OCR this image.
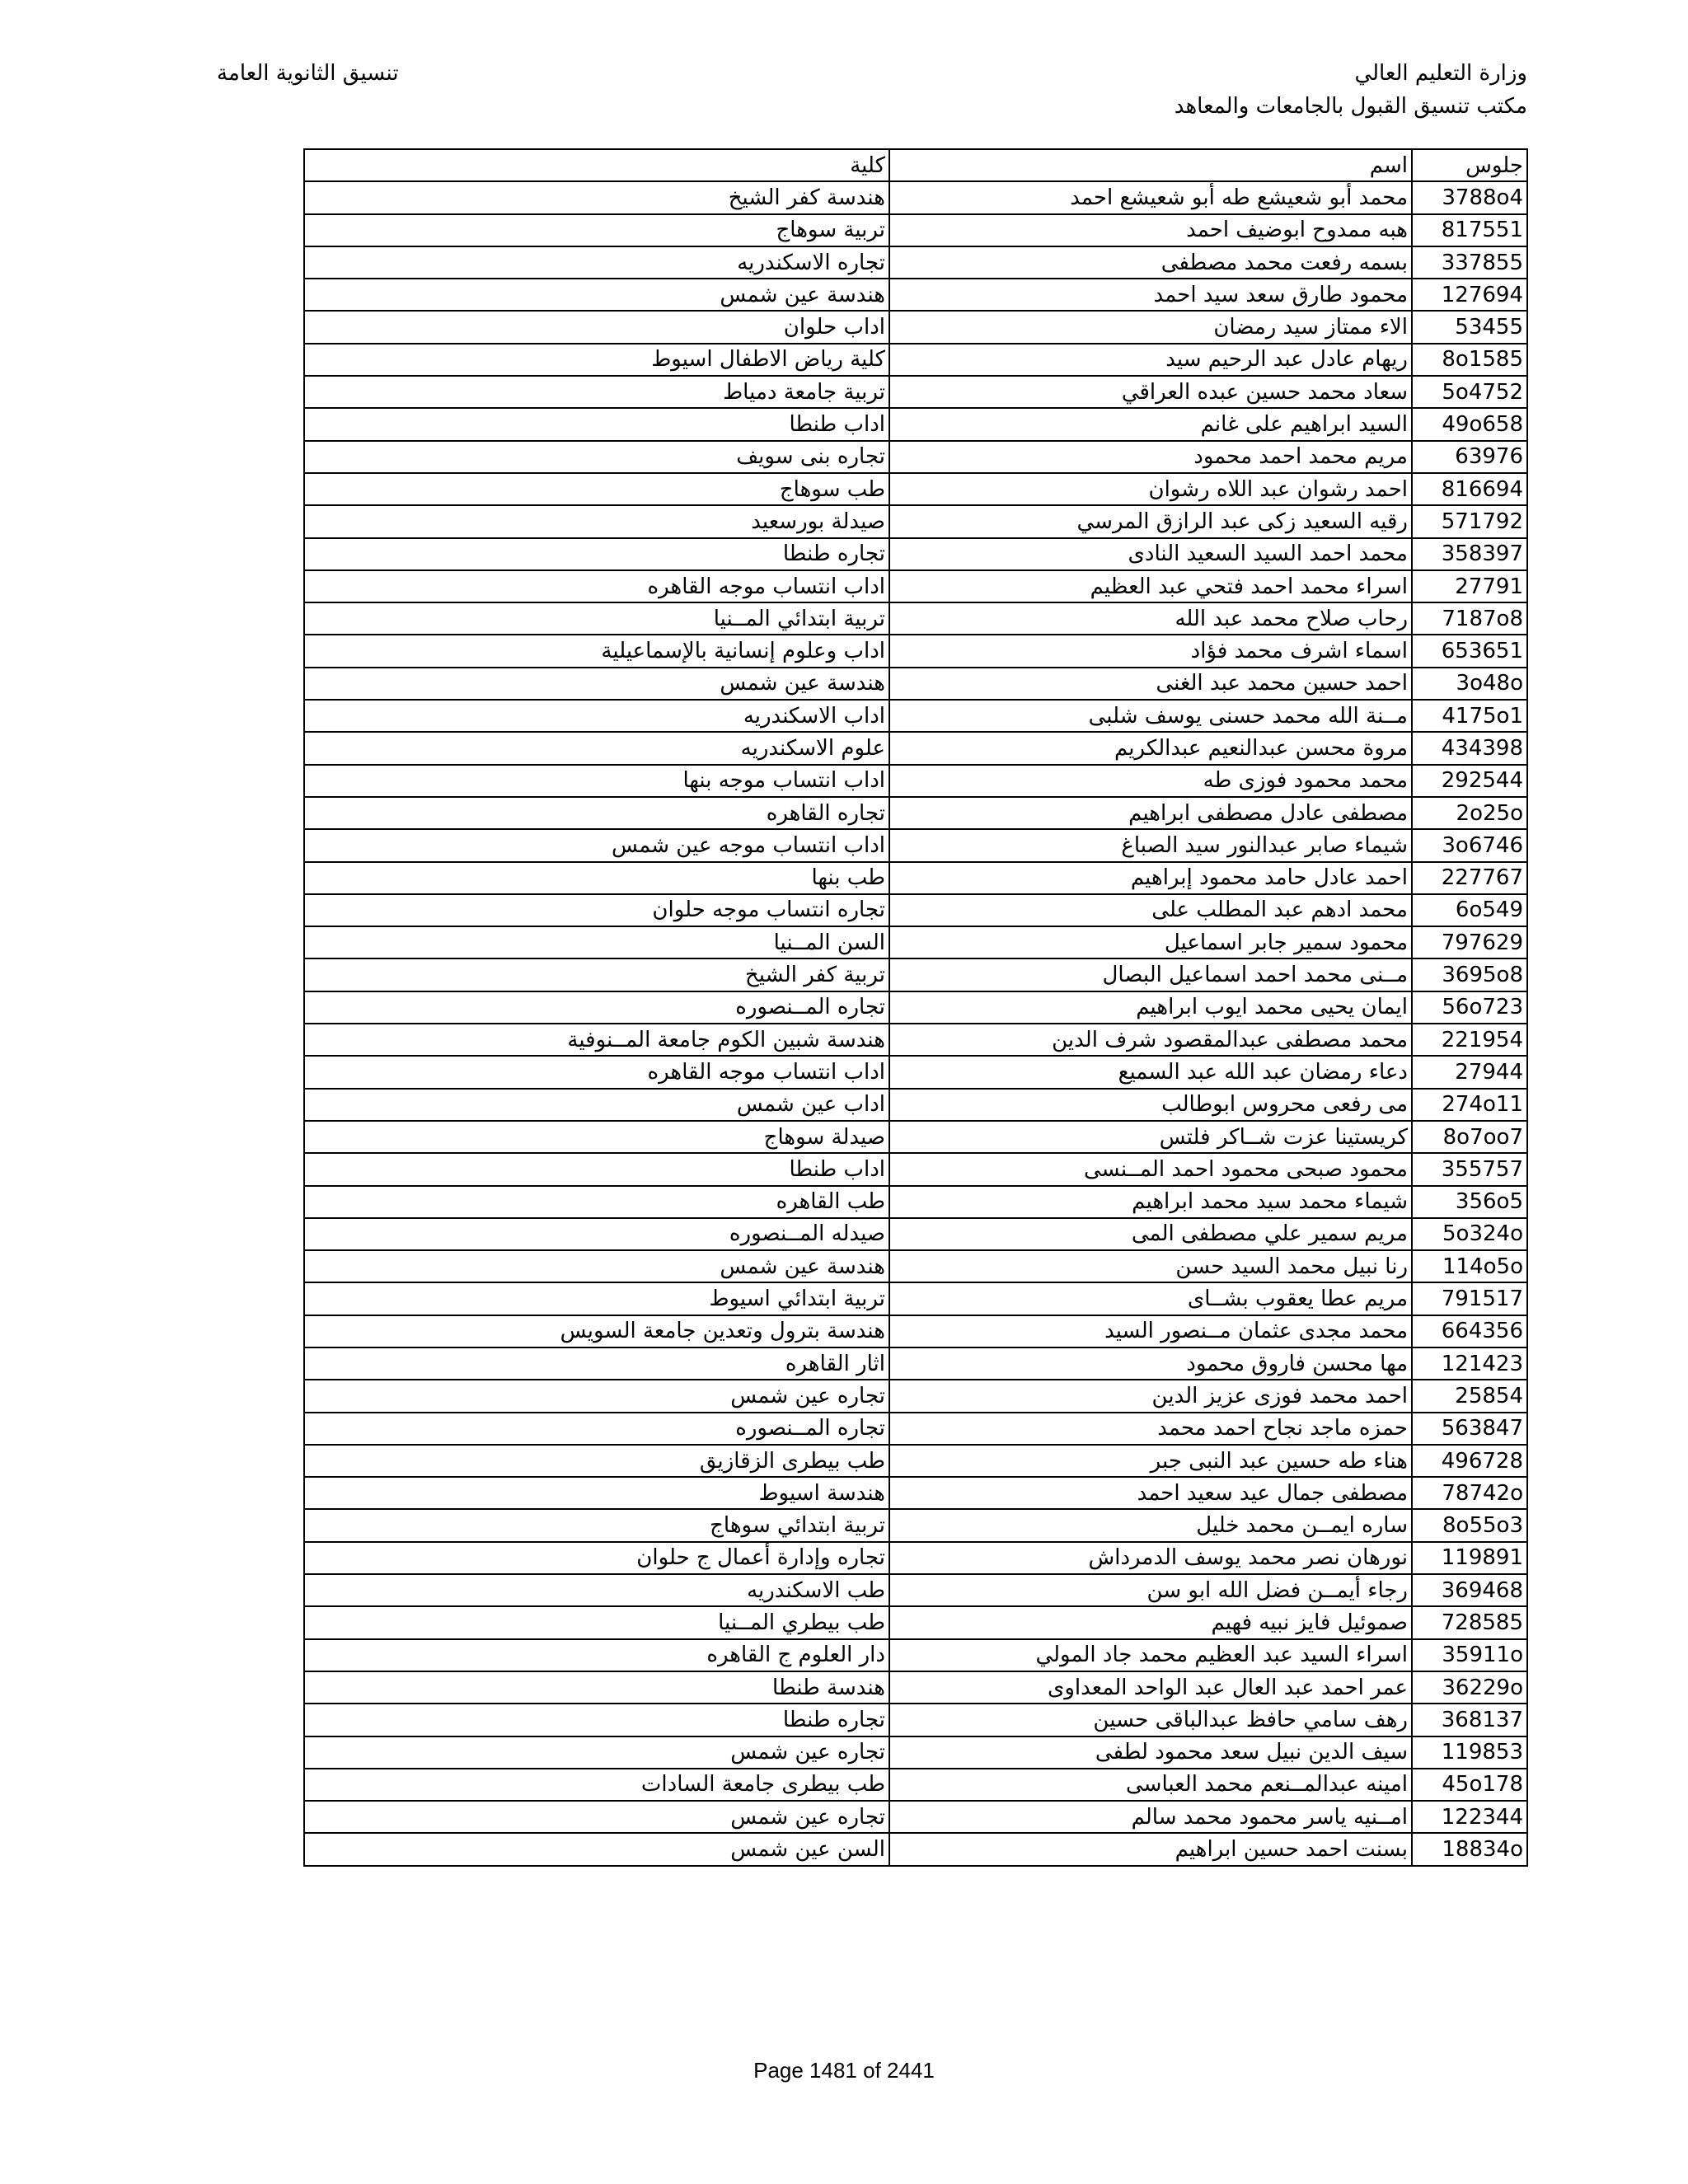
وزارة التعليم العالي
مكتب تنسيق القبول بالجامعات والمعاهد
تنسيق الثانوية العامة
جلوس	اسم	كلية
3788o4	محمد أبو شعيشع طه أبو شعيشع احمد	هندسة كفر الشيخ
817551	هبه ممدوح ابوضيف احمد	تربية سوهاج
337855	بسمه رفعت محمد مصطفى	تجاره الاسكندريه
127694	محمود طارق سعد سيد احمد	هندسة عين شمس
53455	الاء ممتاز سيد رمضان	اداب حلوان
8o1585	ريهام عادل عبد الرحيم سيد	كلية رياض الاطفال اسيوط
5o4752	سعاد محمد حسين عبده العراقي	تربية جامعة دمياط
49o658	السيد ابراهيم على غانم	اداب طنطا
63976	مريم محمد احمد محمود	تجاره بنى سويف
816694	احمد رشوان عبد اللاه رشوان	طب سوهاج
571792	رقيه السعيد زكى عبد الرازق المرسي	صيدلة بورسعيد
358397	محمد احمد السيد السعيد النادى	تجاره طنطا
27791	اسراء محمد احمد فتحي عبد العظيم	اداب انتساب موجه القاهره
7187o8	رحاب صلاح محمد عبد الله	تربية ابتدائي المــنيا
653651	اسماء اشرف محمد فؤاد	اداب وعلوم إنسانية بالإسماعيلية
3o48o	احمد حسين محمد عبد الغنى	هندسة عين شمس
4175o1	مــنة الله محمد حسنى يوسف شلبى	اداب الاسكندريه
434398	مروة محسن عبدالنعيم عبدالكريم	علوم الاسكندريه
292544	محمد محمود فوزى طه	اداب انتساب موجه بنها
2o25o	مصطفى عادل مصطفى ابراهيم	تجاره القاهره
3o6746	شيماء صابر عبدالنور سيد الصباغ	اداب انتساب موجه عين شمس
227767	احمد عادل حامد محمود إبراهيم	طب بنها
6o549	محمد ادهم عبد المطلب على	تجاره انتساب موجه حلوان
797629	محمود سمير جابر اسماعيل	السن المــنيا
3695o8	مــنى محمد احمد اسماعيل البصال	تربية كفر الشيخ
56o723	ايمان يحيى محمد ايوب ابراهيم	تجاره المــنصوره
221954	محمد مصطفى عبدالمقصود شرف الدين	هندسة شبين الكوم جامعة المــنوفية
27944	دعاء رمضان عبد الله عبد السميع	اداب انتساب موجه القاهره
274o11	مى رفعى محروس ابوطالب	اداب عين شمس
8o7oo7	كريستينا عزت شــاكر فلتس	صيدلة سوهاج
355757	محمود صبحى محمود احمد المــنسى	اداب طنطا
356o5	شيماء محمد سيد محمد ابراهيم	طب القاهره
5o324o	مريم سمير علي مصطفى المى	صيدله المــنصوره
114o5o	رنا نبيل محمد السيد حسن	هندسة عين شمس
791517	مريم عطا يعقوب بشــاى	تربية ابتدائي اسيوط
664356	محمد مجدى عثمان مــنصور السيد	هندسة بترول وتعدين جامعة السويس
121423	مها محسن فاروق محمود	اثار القاهره
25854	احمد محمد فوزى عزيز الدين	تجاره عين شمس
563847	حمزه ماجد نجاح احمد محمد	تجاره المــنصوره
496728	هناء طه حسين عبد النبى جبر	طب بيطرى الزقازيق
78742o	مصطفى جمال عيد سعيد احمد	هندسة اسيوط
8o55o3	ساره ايمــن محمد خليل	تربية ابتدائي سوهاج
119891	نورهان نصر محمد يوسف الدمرداش	تجاره وإدارة أعمال ج حلوان
369468	رجاء أيمــن فضل الله ابو سن	طب الاسكندريه
728585	صموئيل فايز نبيه فهيم	طب بيطري المــنيا
35911o	اسراء السيد عبد العظيم محمد جاد المولي	دار العلوم ج القاهره
36229o	عمر احمد عبد العال عبد الواحد المعداوى	هندسة طنطا
368137	رهف سامي حافظ عبدالباقى حسين	تجاره طنطا
119853	سيف الدين نبيل سعد محمود لطفى	تجاره عين شمس
45o178	امينه عبدالمــنعم محمد العباسى	طب بيطرى جامعة السادات
122344	امــنيه ياسر محمود محمد سالم	تجاره عين شمس
18834o	بسنت احمد حسين ابراهيم	السن عين شمس
Page 1481 of 2441
